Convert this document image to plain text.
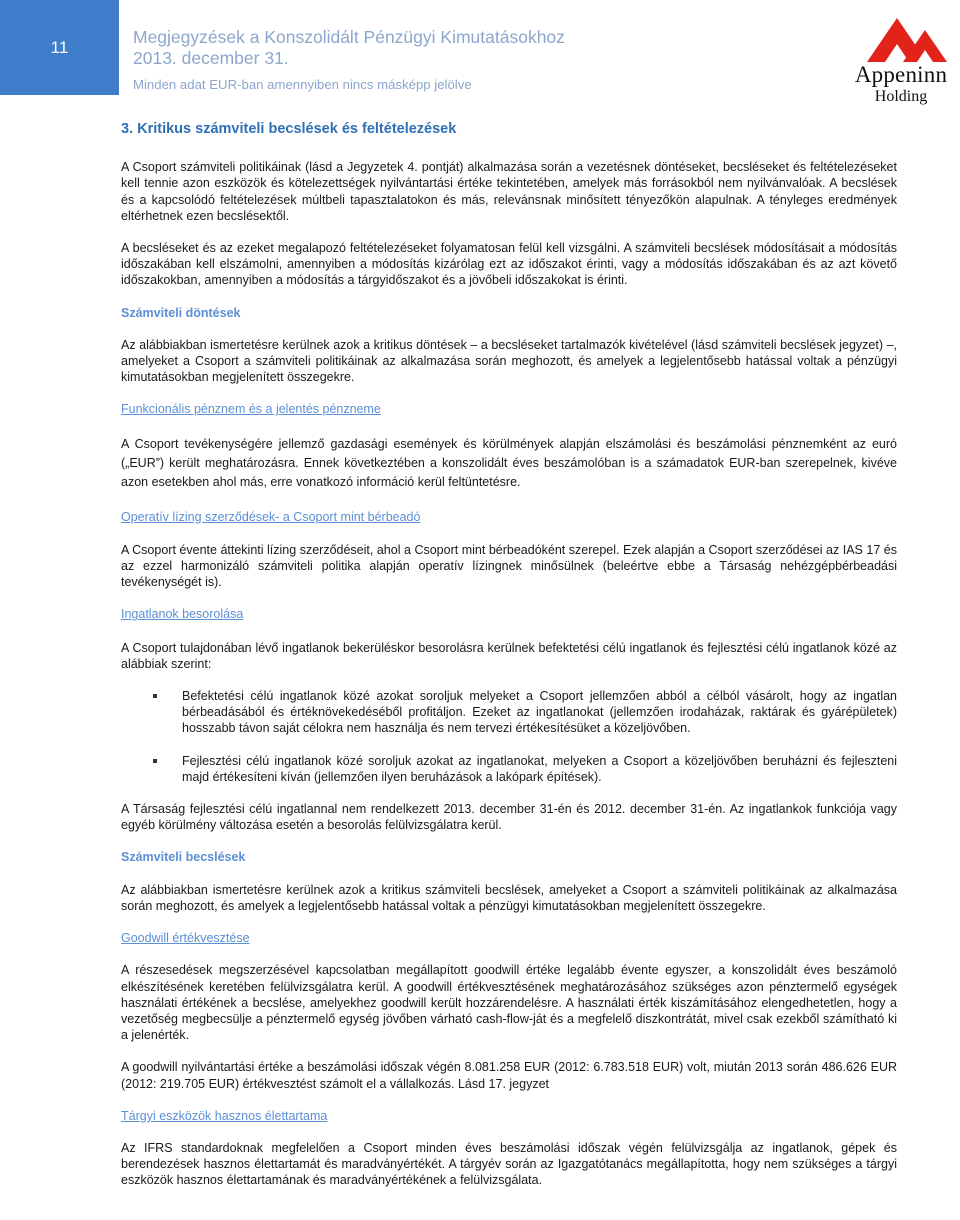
11	Megjegyzések a Konszolidált Pénzügyi Kimutatásokhoz
2013. december 31.
Minden adat EUR-ban amennyiben nincs másképp jelölve	Appeninn
Holding
3. Kritikus számviteli becslések és feltételezések

A Csoport számviteli politikáinak (lásd a Jegyzetek 4. pontját) alkalmazása során a vezetésnek döntéseket, becsléseket és feltételezéseket kell tennie azon eszközök és kötelezettségek nyilvántartási értéke tekintetében, amelyek más forrásokból nem nyilvánvalóak. A becslések és a kapcsolódó feltételezések múltbeli tapasztalatokon és más, relevánsnak minősített tényezőkön alapulnak. A tényleges eredmények eltérhetnek ezen becslésektől.

A becsléseket és az ezeket megalapozó feltételezéseket folyamatosan felül kell vizsgálni. A számviteli becslések módosításait a módosítás időszakában kell elszámolni, amennyiben a módosítás kizárólag ezt az időszakot érinti, vagy a módosítás időszakában és az azt követő időszakokban, amennyiben a módosítás a tárgyidőszakot és a jövőbeli időszakokat is érinti.

Számviteli döntések

Az alábbiakban ismertetésre kerülnek azok a kritikus döntések – a becsléseket tartalmazók kivételével (lásd számviteli becslések jegyzet) –, amelyeket a Csoport a számviteli politikáinak az alkalmazása során meghozott, és amelyek a legjelentősebb hatással voltak a pénzügyi kimutatásokban megjelenített összegekre.

Funkcionális pénznem és a jelentés pénzneme

A Csoport tevékenységére jellemző gazdasági események és körülmények alapján elszámolási és beszámolási pénznemként az euró („EUR”) került meghatározásra. Ennek következtében a konszolidált éves beszámolóban is a számadatok EUR-ban szerepelnek, kivéve azon esetekben ahol más, erre vonatkozó információ kerül feltüntetésre.

Operatív lízing szerződések- a Csoport mint bérbeadó

A Csoport évente áttekinti lízing szerződéseit, ahol a Csoport mint bérbeadóként szerepel. Ezek alapján a Csoport szerződései az IAS 17 és az ezzel harmonizáló számviteli politika alapján operatív lízingnek minősülnek (beleértve ebbe a Társaság nehézgépbérbeadási tevékenységét is).

Ingatlanok besorolása

A Csoport tulajdonában lévő ingatlanok bekerüléskor besorolásra kerülnek befektetési célú ingatlanok és fejlesztési célú ingatlanok közé az alábbiak szerint:

Befektetési célú ingatlanok közé azokat soroljuk melyeket a Csoport jellemzően abból a célból vásárolt, hogy az ingatlan bérbeadásából és értéknövekedéséből profitáljon. Ezeket az ingatlanokat (jellemzően irodaházak, raktárak és gyárépületek) hosszabb távon saját célokra nem használja és nem tervezi értékesítésüket a közeljövőben.
Fejlesztési célú ingatlanok közé soroljuk azokat az ingatlanokat, melyeken a Csoport a közeljövőben beruházni és fejleszteni majd értékesíteni kíván (jellemzően ilyen beruházások a lakópark építések).

A Társaság fejlesztési célú ingatlannal nem rendelkezett 2013. december 31-én és 2012. december 31-én. Az ingatlankok funkciója vagy egyéb körülmény változása esetén a besorolás felülvizsgálatra kerül.

Számviteli becslések

Az alábbiakban ismertetésre kerülnek azok a kritikus számviteli becslések, amelyeket a Csoport a számviteli politikáinak az alkalmazása során meghozott, és amelyek a legjelentősebb hatással voltak a pénzügyi kimutatásokban megjelenített összegekre.

Goodwill értékvesztése

A részesedések megszerzésével kapcsolatban megállapított goodwill értéke legalább évente egyszer, a konszolidált éves beszámoló elkészítésének keretében felülvizsgálatra kerül. A goodwill értékvesztésének meghatározásához szükséges azon pénztermelő egységek használati értékének a becslése, amelyekhez goodwill került hozzárendelésre. A használati érték kiszámításához elengedhetetlen, hogy a vezetőség megbecsülje a pénztermelő egység jövőben várható cash-flow-ját és a megfelelő diszkontrátát, mivel csak ezekből számítható ki a jelenérték.

A goodwill nyilvántartási értéke a beszámolási időszak végén 8.081.258 EUR (2012: 6.783.518 EUR) volt, miután 2013 során 486.626 EUR (2012: 219.705 EUR) értékvesztést számolt el a vállalkozás. Lásd 17. jegyzet

Tárgyi eszközök hasznos élettartama

Az IFRS standardoknak megfelelően a Csoport minden éves beszámolási időszak végén felülvizsgálja az ingatlanok, gépek és berendezések hasznos élettartamát és maradványértékét. A tárgyév során az Igazgatótanács megállapította, hogy nem szükséges a tárgyi eszközök hasznos élettartamának és maradványértékének a felülvizsgálata.
